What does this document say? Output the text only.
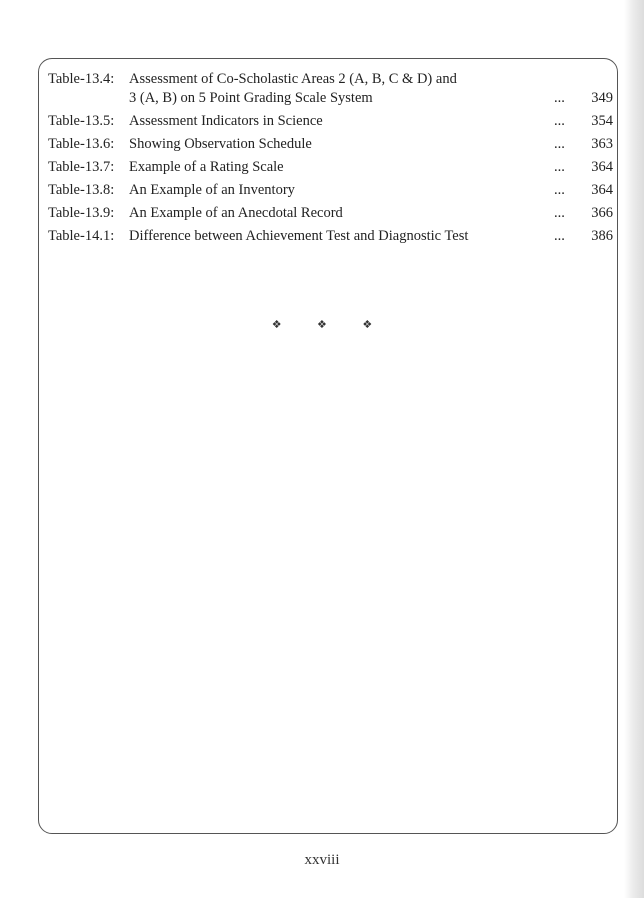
Table-13.4:	Assessment of Co-Scholastic Areas 2 (A, B, C & D) and
3 (A, B) on 5 Point Grading Scale System	...	349
Table-13.5:	Assessment Indicators in Science	...	354
Table-13.6:	Showing Observation Schedule	...	363
Table-13.7:	Example of a Rating Scale	...	364
Table-13.8:	An Example of an Inventory	...	364
Table-13.9:	An Example of an Anecdotal Record	...	366
Table-14.1:	Difference between Achievement Test and Diagnostic Test	...	386
❖ ❖ ❖
xxviii
